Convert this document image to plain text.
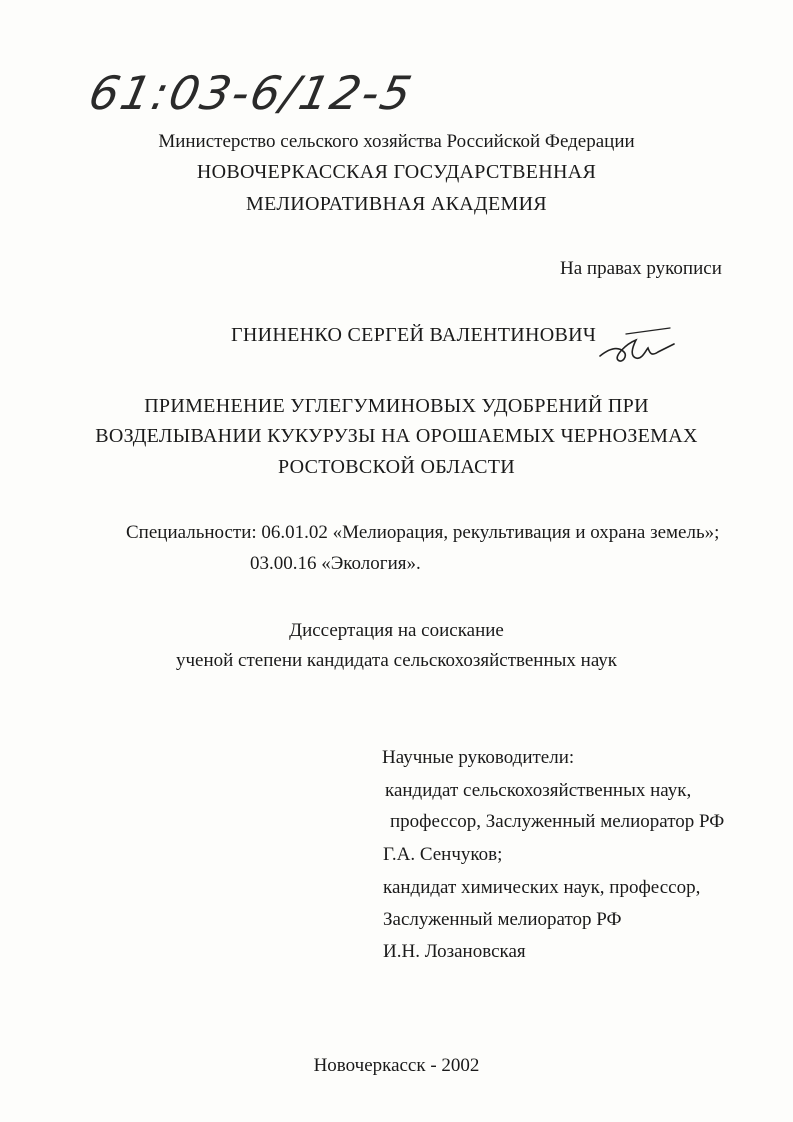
61:03-6/12-5
Министерство сельского хозяйства Российской Федерации
НОВОЧЕРКАССКАЯ ГОСУДАРСТВЕННАЯ
МЕЛИОРАТИВНАЯ АКАДЕМИЯ
На правах рукописи
ГНИНЕНКО СЕРГЕЙ ВАЛЕНТИНОВИЧ
ПРИМЕНЕНИЕ УГЛЕГУМИНОВЫХ УДОБРЕНИЙ ПРИ
ВОЗДЕЛЫВАНИИ КУКУРУЗЫ НА ОРОШАЕМЫХ ЧЕРНОЗЕМАХ
РОСТОВСКОЙ ОБЛАСТИ
Специальности: 06.01.02 «Мелиорация, рекультивация и охрана земель»;
03.00.16 «Экология».
Диссертация на соискание
ученой степени кандидата сельскохозяйственных наук
Научные руководители:
кандидат сельскохозяйственных наук,
профессор, Заслуженный мелиоратор РФ
Г.А. Сенчуков;
кандидат химических наук, профессор,
Заслуженный мелиоратор РФ
И.Н. Лозановская
Новочеркасск - 2002
